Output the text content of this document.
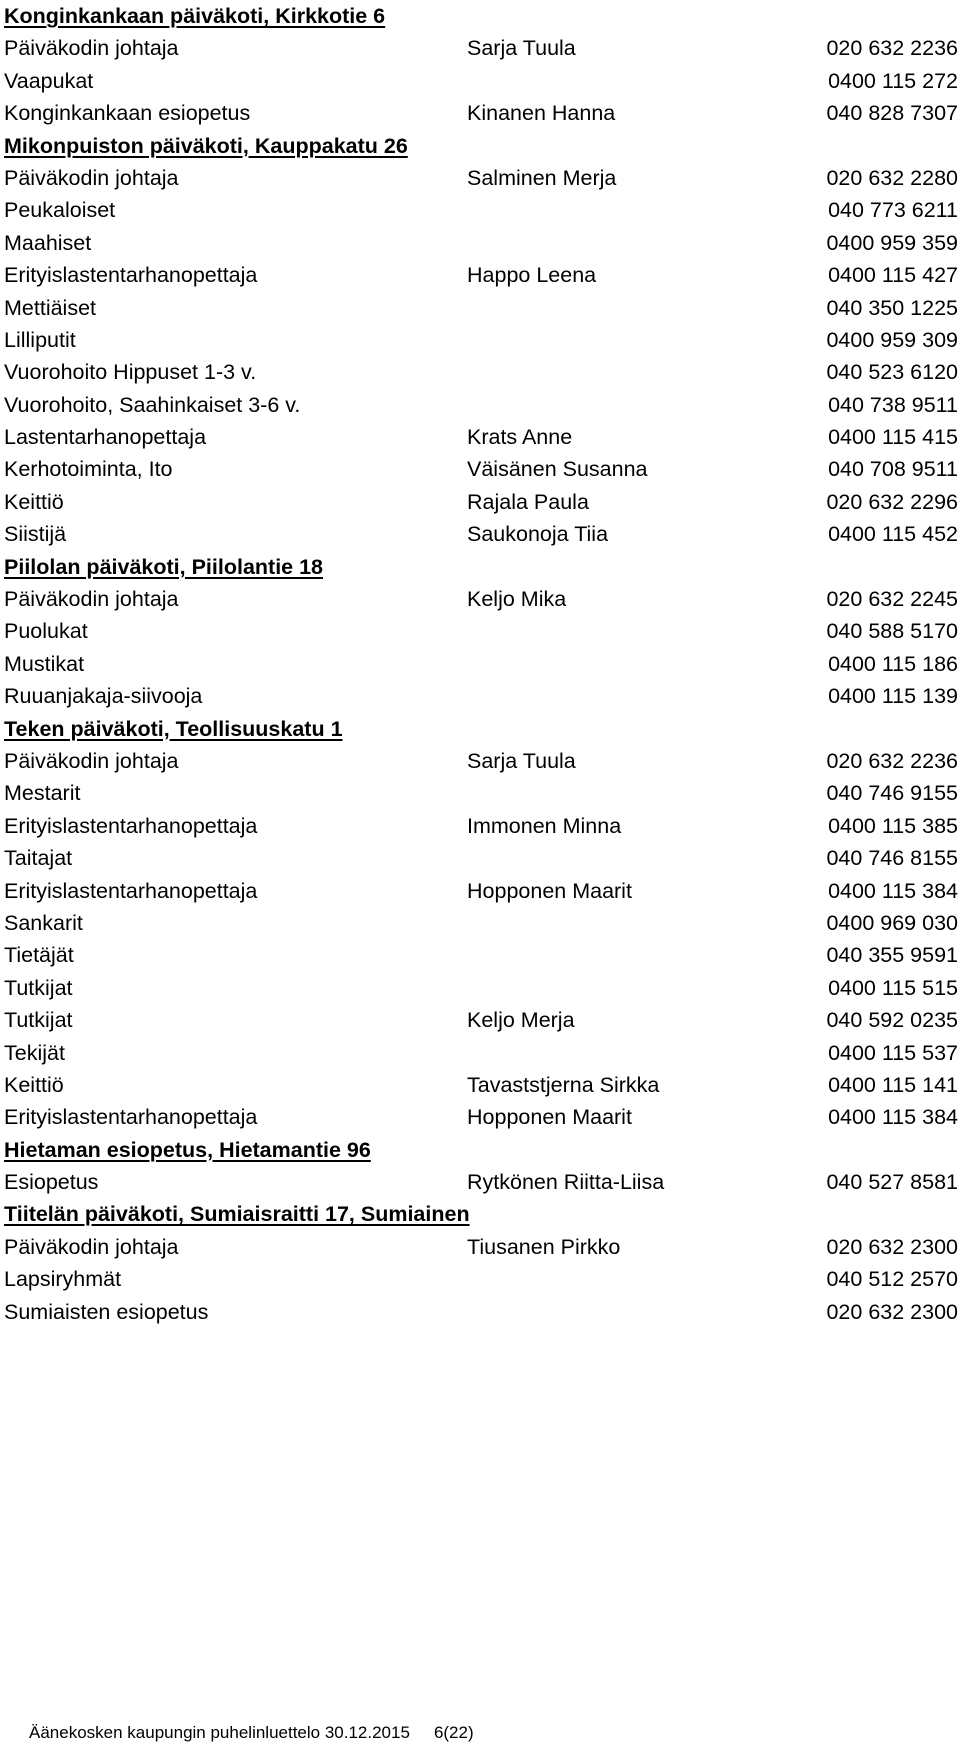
Konginkankaan päiväkoti, Kirkkotie 6
Päiväkodin johtaja	Sarja Tuula	020 632 2236
Vaapukat	0400 115 272
Konginkankaan esiopetus	Kinanen Hanna	040 828 7307
Mikonpuiston päiväkoti, Kauppakatu 26
Päiväkodin johtaja	Salminen Merja	020 632 2280
Peukaloiset	040 773 6211
Maahiset	0400 959 359
Erityislastentarhanopettaja	Happo Leena	0400 115 427
Mettiäiset	040 350 1225
Lilliputit	0400 959 309
Vuorohoito Hippuset 1-3 v.	040 523 6120
Vuorohoito, Saahinkaiset 3-6 v.	040 738 9511
Lastentarhanopettaja	Krats Anne	0400 115 415
Kerhotoiminta, Ito	Väisänen Susanna	040 708 9511
Keittiö	Rajala Paula	020 632 2296
Siistijä	Saukonoja Tiia	0400 115 452
Piilolan päiväkoti, Piilolantie 18
Päiväkodin johtaja	Keljo Mika	020 632 2245
Puolukat	040 588 5170
Mustikat	0400 115 186
Ruuanjakaja-siivooja	0400 115 139
Teken päiväkoti, Teollisuuskatu 1
Päiväkodin johtaja	Sarja Tuula	020 632 2236
Mestarit	040 746 9155
Erityislastentarhanopettaja	Immonen Minna	0400 115 385
Taitajat	040 746 8155
Erityislastentarhanopettaja	Hopponen Maarit	0400 115 384
Sankarit	0400 969 030
Tietäjät	040 355 9591
Tutkijat	0400 115 515
Tutkijat	Keljo Merja	040 592 0235
Tekijät	0400 115 537
Keittiö	Tavaststjerna Sirkka	0400 115 141
Erityislastentarhanopettaja	Hopponen Maarit	0400 115 384
Hietaman esiopetus, Hietamantie 96
Esiopetus	Rytkönen Riitta-Liisa	040 527 8581
Tiitelän päiväkoti, Sumiaisraitti 17, Sumiainen
Päiväkodin johtaja	Tiusanen Pirkko	020 632 2300
Lapsiryhmät	040 512 2570
Sumiaisten esiopetus	020 632 2300
Äänekosken kaupungin puhelinluettelo 30.12.2015 6(22)
